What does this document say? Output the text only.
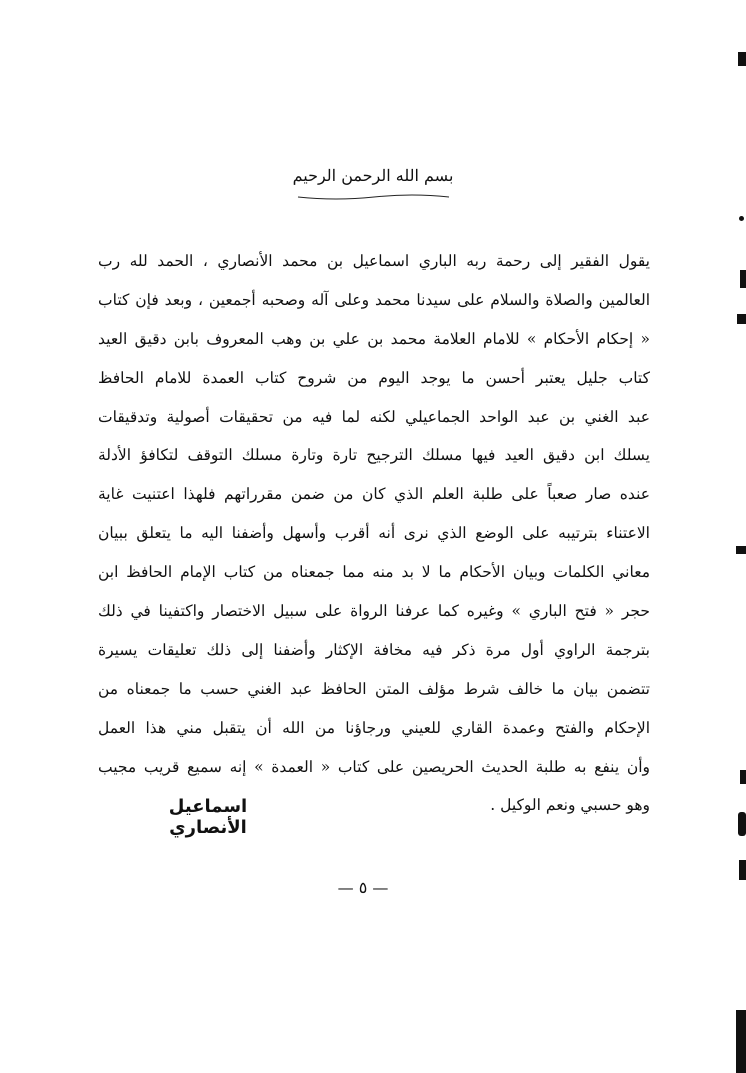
بسم الله الرحمن الرحيم
يقول الفقير إلى رحمة ربه الباري اسماعيل بن محمد الأنصاري ، الحمد لله رب
العالمين والصلاة والسلام على سيدنا محمد وعلى آله وصحبه أجمعين ، وبعد فإن كتاب
« إحكام الأحكام » للامام العلامة محمد بن علي بن وهب المعروف بابن دقيق العيد
كتاب جليل يعتبر أحسن ما يوجد اليوم من شروح كتاب العمدة للامام الحافظ
عبد الغني بن عبد الواحد الجماعيلي لكنه لما فيه من تحقيقات أصولية وتدقيقات
يسلك ابن دقيق العيد فيها مسلك الترجيح تارة وتارة مسلك التوقف لتكافؤ الأدلة
عنده صار صعباً على طلبة العلم الذي كان من ضمن مقرراتهم فلهذا اعتنيت غاية
الاعتناء بترتيبه على الوضع الذي نرى أنه أقرب وأسهل وأضفنا اليه ما يتعلق ببيان
معاني الكلمات وبيان الأحكام ما لا بد منه مما جمعناه من كتاب الإمام الحافظ ابن
حجر « فتح الباري » وغيره كما عرفنا الرواة على سبيل الاختصار واكتفينا في ذلك
بترجمة الراوي أول مرة ذكر فيه مخافة الإكثار وأضفنا إلى ذلك تعليقات يسيرة
تتضمن بيان ما خالف شرط مؤلف المتن الحافظ عبد الغني حسب ما جمعناه من
الإحكام والفتح وعمدة القاري للعيني ورجاؤنا من الله أن يتقبل مني هذا العمل
وأن ينفع به طلبة الحديث الحريصين على كتاب « العمدة » إنه سميع قريب مجيب
وهو حسبي ونعم الوكيل .
اسماعيل الأنصاري
— ٥ —
